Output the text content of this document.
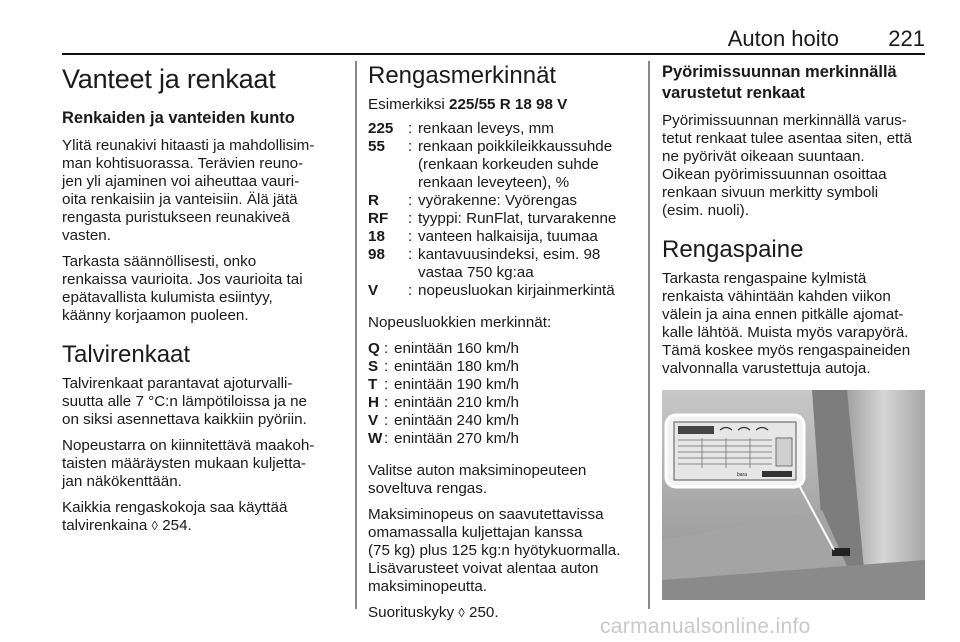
Auton hoito 221
Vanteet ja renkaat
Renkaiden ja vanteiden kunto

Ylitä reunakivi hitaasti ja mahdollisim-
man kohtisuorassa. Terävien reuno-
jen yli ajaminen voi aiheuttaa vauri-
oita renkaisiin ja vanteisiin. Älä jätä
rengasta puristukseen reunakiveä
vasten.

Tarkasta säännöllisesti, onko
renkaissa vaurioita. Jos vaurioita tai
epätavallista kulumista esiintyy,
käänny korjaamon puoleen.

Talvirenkaat

Talvirenkaat parantavat ajoturvalli-
suutta alle 7 °C:n lämpötiloissa ja ne
on siksi asennettava kaikkiin pyöriin.

Nopeustarra on kiinnitettävä maakoh-
taisten määräysten mukaan kuljetta-
jan näkökenttään.

Kaikkia rengaskokoja saa käyttää
talvirenkaina ◊ 254.

Rengasmerkinnät

Esimerkiksi 225/55 R 18 98 V

225 : renkaan leveys, mm
55	: renkaan poikkileikkaussuhde
(renkaan korkeuden suhde
renkaan leveyteen), %
R	: vyörakenne: Vyörengas
RF	: tyyppi: RunFlat, turvarakenne
18	: vanteen halkaisija, tuumaa
98	: kantavuusindeksi, esim. 98
vastaa 750 kg:aa
V	: nopeusluokan kirjainmerkintä

Nopeusluokkien merkinnät:

Q : enintään 160 km/h
S : enintään 180 km/h
T : enintään 190 km/h
H : enintään 210 km/h
V : enintään 240 km/h
W : enintään 270 km/h

Valitse auton maksiminopeuteen
soveltuva rengas.

Maksiminopeus on saavutettavissa
omamassalla kuljettajan kanssa
(75 kg) plus 125 kg:n hyötykuormalla.
Lisävarusteet voivat alentaa auton
maksiminopeutta.

Suorituskyky ◊ 250.

Pyörimissuunnan merkinnällä
varustetut renkaat

Pyörimissuunnan merkinnällä varus-
tetut renkaat tulee asentaa siten, että
ne pyörivät oikeaan suuntaan.
Oikean pyörimissuunnan osoittaa
renkaan sivuun merkitty symboli
(esim. nuoli).

Rengaspaine

Tarkasta rengaspaine kylmistä
renkaista vähintään kahden viikon
välein ja aina ennen pitkälle ajomat-
kalle lähtöä. Muista myös varapyörä.
Tämä koskee myös rengaspaineiden
valvonnalla varustettuja autoja.

bara
carmanualsonline.info
